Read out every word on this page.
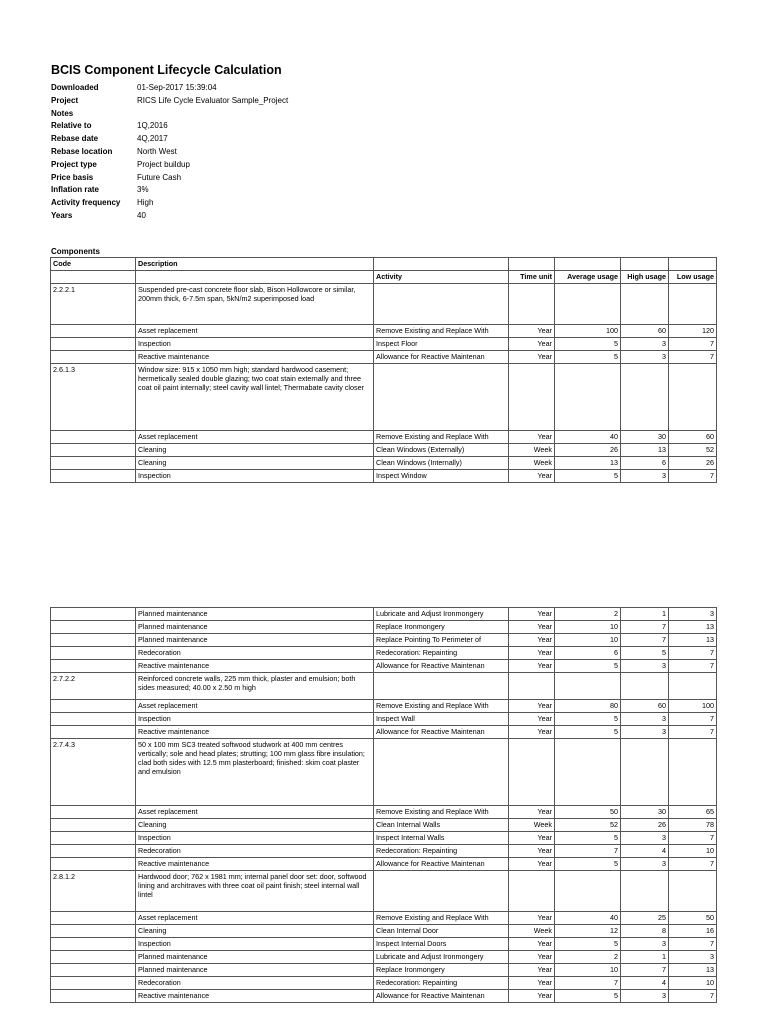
BCIS Component Lifecycle Calculation
Downloaded	01-Sep-2017 15:39:04
Project	RICS Life Cycle Evaluator Sample_Project
Notes
Relative to	1Q,2016
Rebase date	4Q,2017
Rebase location	North West
Project type	Project buildup
Price basis	Future Cash
Inflation rate	3%
Activity frequency	High
Years	40
Components
Code	Description					
		Activity	Time unit	Average usage	High usage	Low usage
2.2.2.1	Suspended pre-cast concrete floor slab, Bison Hollowcore or similar, 200mm thick, 6-7.5m span, 5kN/m2 superimposed load					
	Asset replacement	Remove Existing and Replace With	Year	100	60	120
	Inspection	Inspect Floor	Year	5	3	7
	Reactive maintenance	Allowance for Reactive Maintenan	Year	5	3	7
2.6.1.3	Window size: 915 x 1050 mm high; standard hardwood casement; hermetically sealed double glazing; two coat stain externally and three coat oil paint internally; steel cavity wall lintel; Thermabate cavity closer					
	Asset replacement	Remove Existing and Replace With	Year	40	30	60
	Cleaning	Clean Windows (Externally)	Week	26	13	52
	Cleaning	Clean Windows (Internally)	Week	13	6	26
	Inspection	Inspect Window	Year	5	3	7
	Planned maintenance	Lubricate and Adjust Ironmongery	Year	2	1	3
	Planned maintenance	Replace Ironmongery	Year	10	7	13
	Planned maintenance	Replace Pointing To Perimeter of	Year	10	7	13
	Redecoration	Redecoration: Repainting	Year	6	5	7
	Reactive maintenance	Allowance for Reactive Maintenan	Year	5	3	7
2.7.2.2	Reinforced concrete walls, 225 mm thick, plaster and emulsion; both sides measured; 40.00 x 2.50 m high					
	Asset replacement	Remove Existing and Replace With	Year	80	60	100
	Inspection	Inspect Wall	Year	5	3	7
	Reactive maintenance	Allowance for Reactive Maintenan	Year	5	3	7
2.7.4.3	50 x 100 mm SC3 treated softwood studwork at 400 mm centres vertically; sole and head plates; strutting; 100 mm glass fibre insulation; clad both sides with 12.5 mm plasterboard; finished: skim coat plaster and emulsion					
	Asset replacement	Remove Existing and Replace With	Year	50	30	65
	Cleaning	Clean Internal Walls	Week	52	26	78
	Inspection	Inspect Internal Walls	Year	5	3	7
	Redecoration	Redecoration: Repainting	Year	7	4	10
	Reactive maintenance	Allowance for Reactive Maintenan	Year	5	3	7
2.8.1.2	Hardwood door; 762 x 1981 mm; internal panel door set: door, softwood lining and architraves with three coat oil paint finish; steel internal wall lintel					
	Asset replacement	Remove Existing and Replace With	Year	40	25	50
	Cleaning	Clean Internal Door	Week	12	8	16
	Inspection	Inspect Internal Doors	Year	5	3	7
	Planned maintenance	Lubricate and Adjust Ironmongery	Year	2	1	3
	Planned maintenance	Replace Ironmongery	Year	10	7	13
	Redecoration	Redecoration: Repainting	Year	7	4	10
	Reactive maintenance	Allowance for Reactive Maintenan	Year	5	3	7
